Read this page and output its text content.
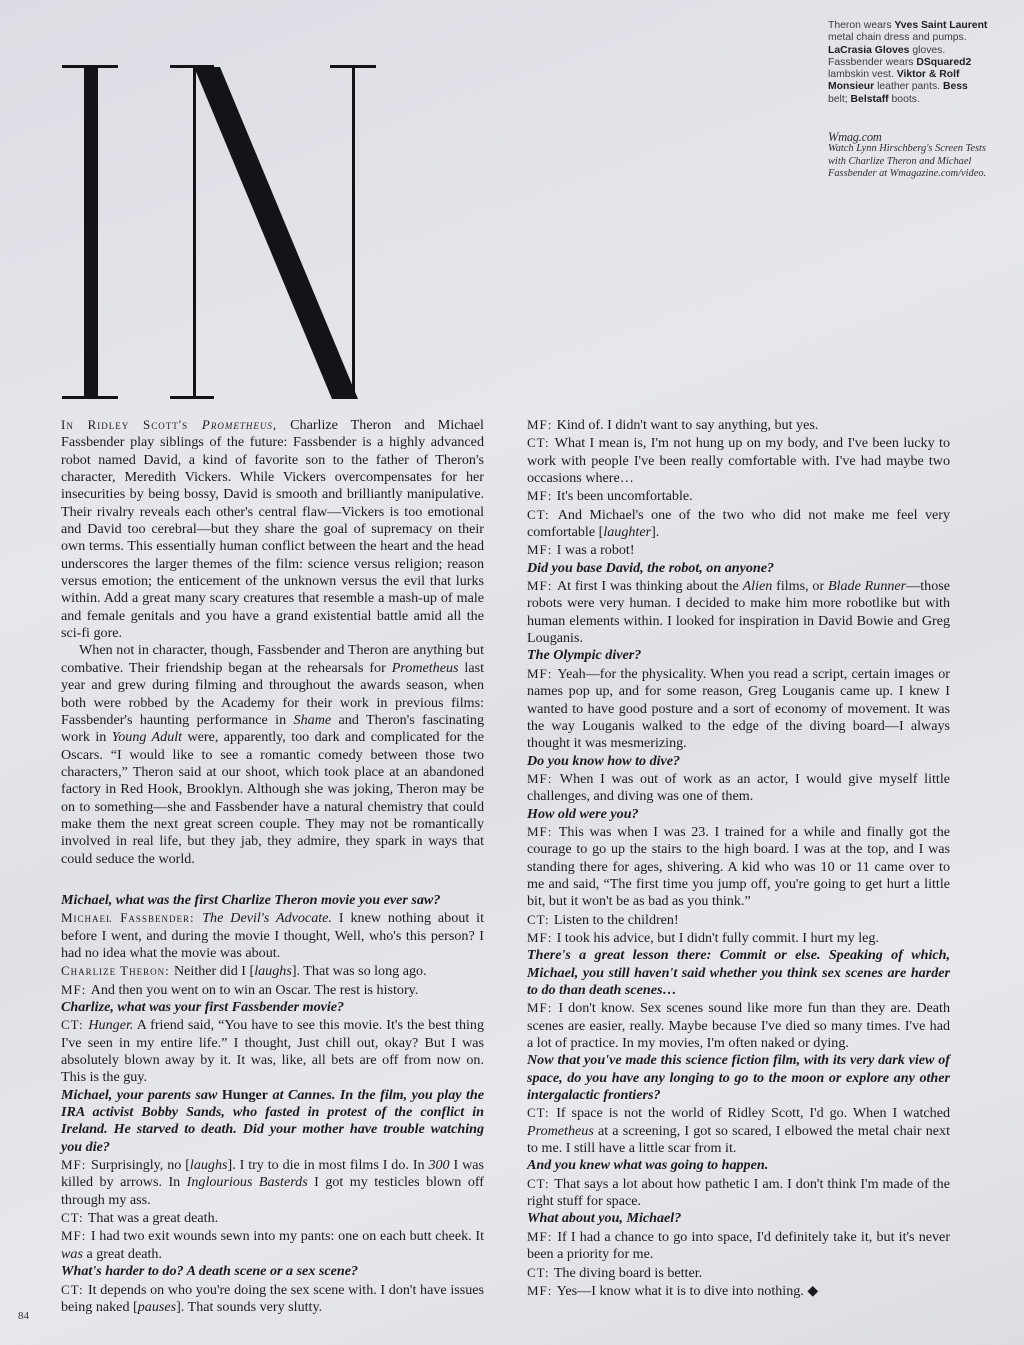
Theron wears Yves Saint Laurent metal chain dress and pumps. LaCrasia Gloves gloves. Fassbender wears DSquared2 lambskin vest. Viktor & Rolf Monsieur leather pants. Bess belt; Belstaff boots.
Wmag.com
Watch Lynn Hirschberg's Screen Tests with Charlize Theron and Michael Fassbender at Wmagazine.com/video.

In Ridley Scott's Prometheus, Charlize Theron and Michael Fassbender play siblings of the future: Fassbender is a highly advanced robot named David, a kind of favorite son to the father of Theron's character, Meredith Vickers. While Vickers overcompensates for her insecurities by being bossy, David is smooth and brilliantly manipulative. Their rivalry reveals each other's central flaw—Vickers is too emotional and David too cerebral—but they share the goal of supremacy on their own terms. This essentially human conflict between the heart and the head underscores the larger themes of the film: science versus religion; reason versus emotion; the enticement of the unknown versus the evil that lurks within. Add a great many scary creatures that resemble a mash-up of male and female genitals and you have a grand existential battle amid all the sci-fi gore.

When not in character, though, Fassbender and Theron are anything but combative. Their friendship began at the rehearsals for Prometheus last year and grew during filming and throughout the awards season, when both were robbed by the Academy for their work in previous films: Fassbender's haunting performance in Shame and Theron's fascinating work in Young Adult were, apparently, too dark and complicated for the Oscars. “I would like to see a romantic comedy between those two characters,” Theron said at our shoot, which took place at an abandoned factory in Red Hook, Brooklyn. Although she was joking, Theron may be on to something—she and Fassbender have a natural chemistry that could make them the next great screen couple. They may not be romantically involved in real life, but they jab, they admire, they spark in ways that could seduce the world.

Michael, what was the first Charlize Theron movie you ever saw?

Michael Fassbender: The Devil's Advocate. I knew nothing about it before I went, and during the movie I thought, Well, who's this person? I had no idea what the movie was about.

Charlize Theron: Neither did I [laughs]. That was so long ago.

MF: And then you went on to win an Oscar. The rest is history.

Charlize, what was your first Fassbender movie?

CT: Hunger. A friend said, “You have to see this movie. It's the best thing I've seen in my entire life.” I thought, Just chill out, okay? But I was absolutely blown away by it. It was, like, all bets are off from now on. This is the guy.

Michael, your parents saw Hunger at Cannes. In the film, you play the IRA activist Bobby Sands, who fasted in protest of the conflict in Ireland. He starved to death. Did your mother have trouble watching you die?

MF: Surprisingly, no [laughs]. I try to die in most films I do. In 300 I was killed by arrows. In Inglourious Basterds I got my testicles blown off through my ass.

CT: That was a great death.

MF: I had two exit wounds sewn into my pants: one on each butt cheek. It was a great death.

What's harder to do? A death scene or a sex scene?

CT: It depends on who you're doing the sex scene with. I don't have issues being naked [pauses]. That sounds very slutty.

MF: Kind of. I didn't want to say anything, but yes.

CT: What I mean is, I'm not hung up on my body, and I've been lucky to work with people I've been really comfortable with. I've had maybe two occasions where…

MF: It's been uncomfortable.

CT: And Michael's one of the two who did not make me feel very comfortable [laughter].

MF: I was a robot!

Did you base David, the robot, on anyone?

MF: At first I was thinking about the Alien films, or Blade Runner—those robots were very human. I decided to make him more robotlike but with human elements within. I looked for inspiration in David Bowie and Greg Louganis.

The Olympic diver?

MF: Yeah—for the physicality. When you read a script, certain images or names pop up, and for some reason, Greg Louganis came up. I knew I wanted to have good posture and a sort of economy of movement. It was the way Louganis walked to the edge of the diving board—I always thought it was mesmerizing.

Do you know how to dive?

MF: When I was out of work as an actor, I would give myself little challenges, and diving was one of them.

How old were you?

MF: This was when I was 23. I trained for a while and finally got the courage to go up the stairs to the high board. I was at the top, and I was standing there for ages, shivering. A kid who was 10 or 11 came over to me and said, “The first time you jump off, you're going to get hurt a little bit, but it won't be as bad as you think.”

CT: Listen to the children!

MF: I took his advice, but I didn't fully commit. I hurt my leg.

There's a great lesson there: Commit or else. Speaking of which, Michael, you still haven't said whether you think sex scenes are harder to do than death scenes…

MF: I don't know. Sex scenes sound like more fun than they are. Death scenes are easier, really. Maybe because I've died so many times. I've had a lot of practice. In my movies, I'm often naked or dying.

Now that you've made this science fiction film, with its very dark view of space, do you have any longing to go to the moon or explore any other intergalactic frontiers?

CT: If space is not the world of Ridley Scott, I'd go. When I watched Prometheus at a screening, I got so scared, I elbowed the metal chair next to me. I still have a little scar from it.

And you knew what was going to happen.

CT: That says a lot about how pathetic I am. I don't think I'm made of the right stuff for space.

What about you, Michael?

MF: If I had a chance to go into space, I'd definitely take it, but it's never been a priority for me.

CT: The diving board is better.

MF: Yes—I know what it is to dive into nothing. ◆

84
